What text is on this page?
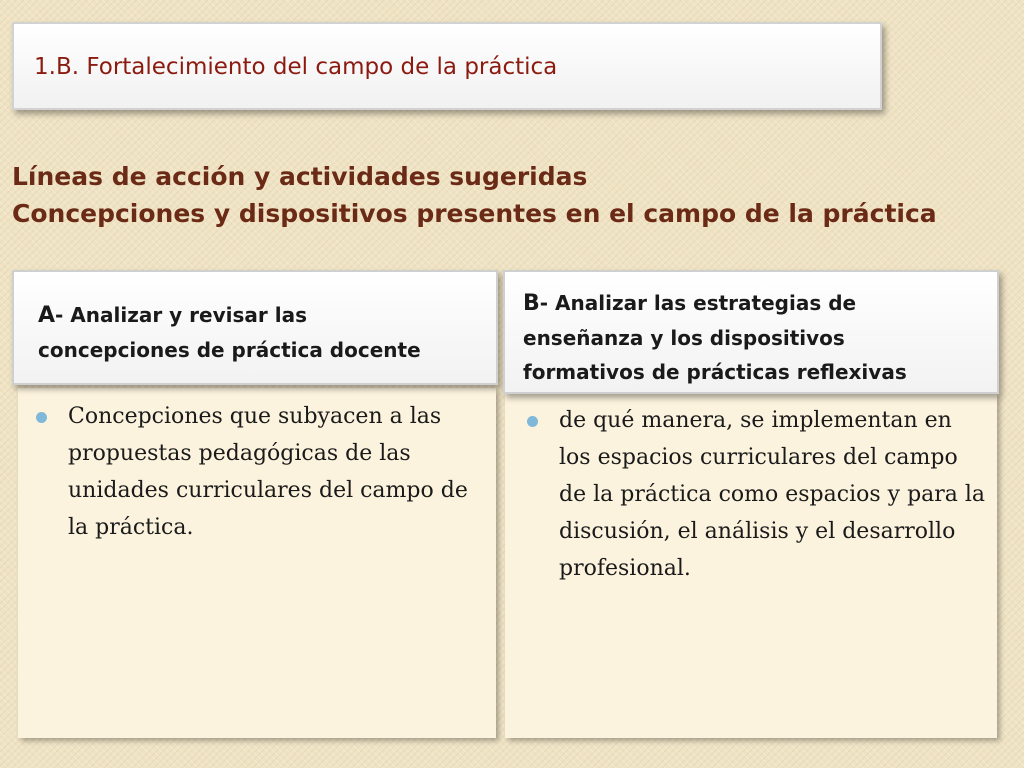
1.B. Fortalecimiento del campo de la práctica
Líneas de acción y actividades sugeridas
Concepciones y dispositivos presentes en el campo de la práctica
A- Analizar y revisar las
concepciones de práctica docente
B- Analizar las estrategias de
enseñanza y los dispositivos
formativos de prácticas reflexivas
Concepciones que subyacen a las propuestas pedagógicas de las unidades curriculares del campo de la práctica.
de qué manera, se implementan en los espacios curriculares del campo de la práctica como espacios y para la discusión, el análisis y el desarrollo profesional.
